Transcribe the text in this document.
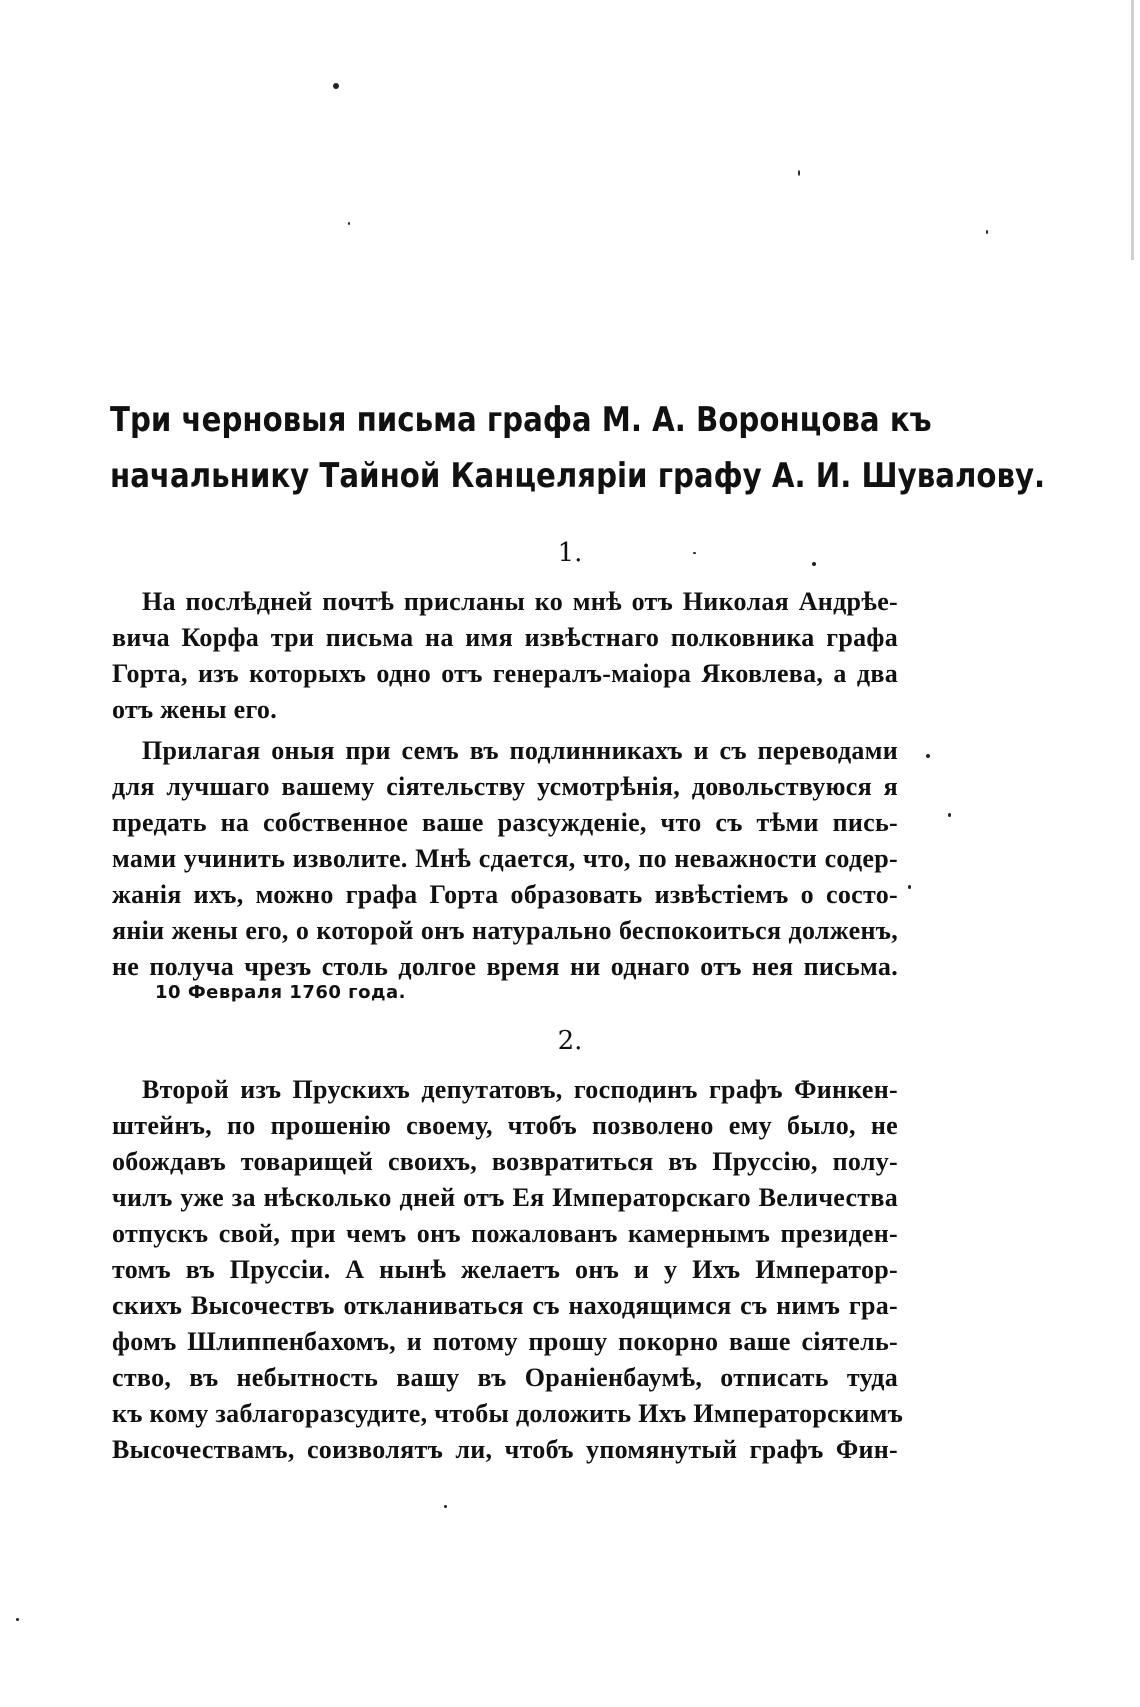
Три черновыя письма графа М. А. Воронцова къ
начальнику Тайной Канцеляріи графу А. И. Шувалову.
1.
На послѣдней почтѣ присланы ко мнѣ отъ Николая Андрѣе-
вича Корфа три письма на имя извѣстнаго полковника графа
Горта, изъ которыхъ одно отъ генералъ-маіора Яковлева, а два
отъ жены его.
Прилагая оныя при семъ въ подлинникахъ и съ переводами
для лучшаго вашему сіятельству усмотрѣнія, довольствуюся я
предать на собственное ваше разсужденіе, что съ тѣми пись-
мами учинить изволите. Мнѣ сдается, что, по неважности содер-
жанія ихъ, можно графа Горта образовать извѣстіемъ о состо-
яніи жены его, о которой онъ натурально беспокоиться долженъ,
не получа чрезъ столь долгое время ни однаго отъ нея письма.
10 Февраля 1760 года.
2.
Второй изъ Прускихъ депутатовъ, господинъ графъ Финкен-
штейнъ, по прошенію своему, чтобъ позволено ему было, не
обождавъ товарищей своихъ, возвратиться въ Пруссію, полу-
чилъ уже за нѣсколько дней отъ Ея Императорскаго Величества
отпускъ свой, при чемъ онъ пожалованъ камернымъ президен-
томъ въ Пруссіи. А нынѣ желаетъ онъ и у Ихъ Император-
скихъ Высочествъ откланиваться съ находящимся съ нимъ гра-
фомъ Шлиппенбахомъ, и потому прошу покорно ваше сіятель-
ство, въ небытность вашу въ Ораніенбаумѣ, отписать туда
къ кому заблагоразсудите, чтобы доложить Ихъ Императорскимъ
Высочествамъ, соизволятъ ли, чтобъ упомянутый графъ Фин-
